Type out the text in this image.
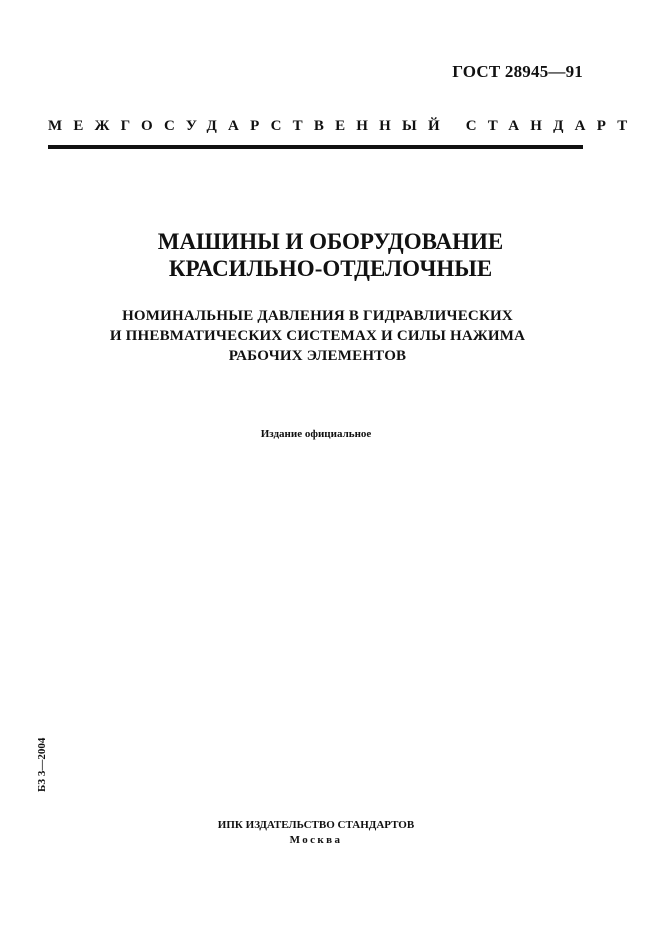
ГОСТ 28945—91
МЕЖГОСУДАРСТВЕННЫЙ СТАНДАРТ
МАШИНЫ И ОБОРУДОВАНИЕ
КРАСИЛЬНО-ОТДЕЛОЧНЫЕ
НОМИНАЛЬНЫЕ ДАВЛЕНИЯ В ГИДРАВЛИЧЕСКИХ
И ПНЕВМАТИЧЕСКИХ СИСТЕМАХ И СИЛЫ НАЖИМА
РАБОЧИХ ЭЛЕМЕНТОВ
Издание официальное
БЗ 3—2004
ИПК ИЗДАТЕЛЬСТВО СТАНДАРТОВ
Москва
